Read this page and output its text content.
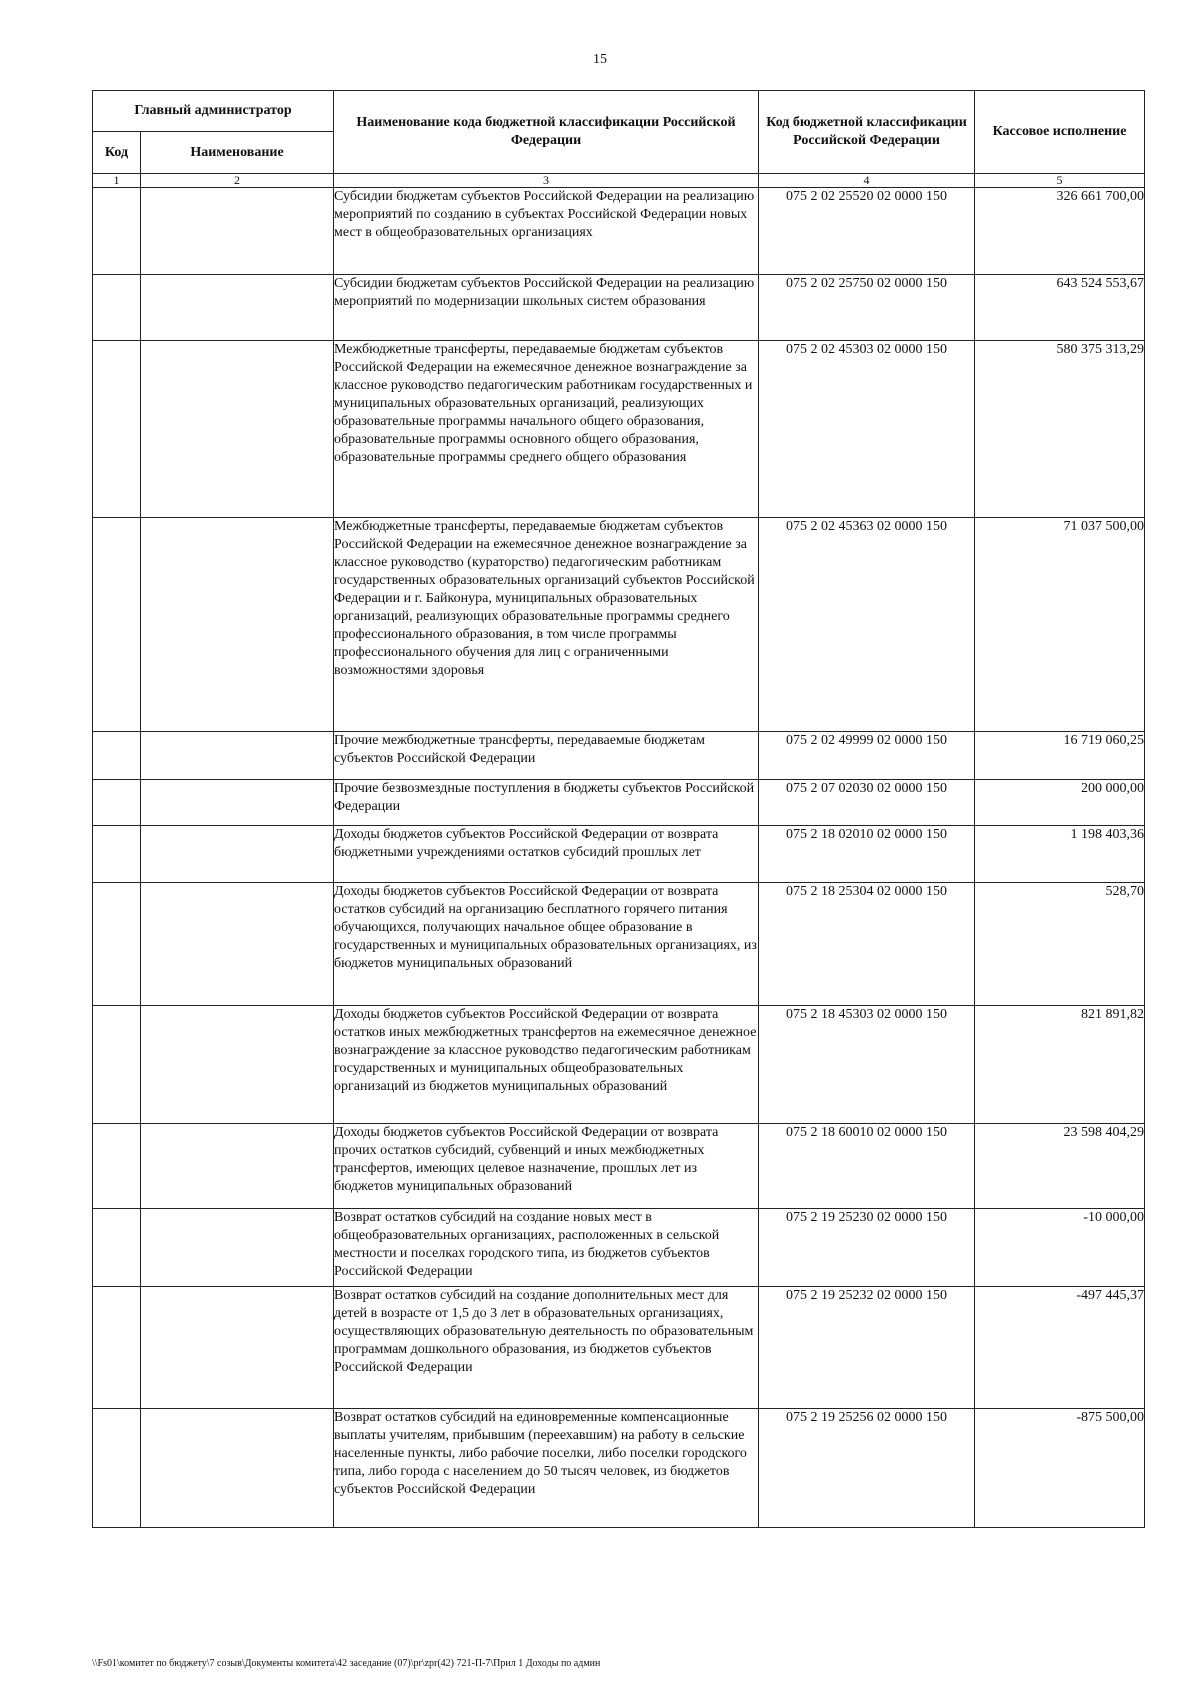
15
Главный администратор		Наименование кода бюджетной классификации Российской Федерации	Код бюджетной классификации Российской Федерации	Кассовое исполнение
Код	Наименование			
1	2	3	4	5
		Субсидии бюджетам субъектов Российской Федерации на реализацию мероприятий по созданию в субъектах Российской Федерации новых мест в общеобразовательных организациях	075 2 02 25520 02 0000 150	326 661 700,00
		Субсидии бюджетам субъектов Российской Федерации на реализацию мероприятий по модернизации школьных систем образования	075 2 02 25750 02 0000 150	643 524 553,67
		Межбюджетные трансферты, передаваемые бюджетам субъектов Российской Федерации на ежемесячное денежное вознаграждение за классное руководство педагогическим работникам государственных и муниципальных образовательных организаций, реализующих образовательные программы начального общего образования, образовательные программы основного общего образования, образовательные программы среднего общего образования	075 2 02 45303 02 0000 150	580 375 313,29
		Межбюджетные трансферты, передаваемые бюджетам субъектов Российской Федерации на ежемесячное денежное вознаграждение за классное руководство (кураторство) педагогическим работникам государственных образовательных организаций субъектов Российской Федерации и г. Байконура, муниципальных образовательных организаций, реализующих образовательные программы среднего профессионального образования, в том числе программы профессионального обучения для лиц с ограниченными возможностями здоровья	075 2 02 45363 02 0000 150	71 037 500,00
		Прочие межбюджетные трансферты, передаваемые бюджетам субъектов Российской Федерации	075 2 02 49999 02 0000 150	16 719 060,25
		Прочие безвозмездные поступления в бюджеты субъектов Российской Федерации	075 2 07 02030 02 0000 150	200 000,00
		Доходы бюджетов субъектов Российской Федерации от возврата бюджетными учреждениями остатков субсидий прошлых лет	075 2 18 02010 02 0000 150	1 198 403,36
		Доходы бюджетов субъектов Российской Федерации от возврата остатков субсидий на организацию бесплатного горячего питания обучающихся, получающих начальное общее образование в государственных и муниципальных образовательных организациях, из бюджетов муниципальных образований	075 2 18 25304 02 0000 150	528,70
		Доходы бюджетов субъектов Российской Федерации от возврата остатков иных межбюджетных трансфертов на ежемесячное денежное вознаграждение за классное руководство педагогическим работникам государственных и муниципальных общеобразовательных организаций из бюджетов муниципальных образований	075 2 18 45303 02 0000 150	821 891,82
		Доходы бюджетов субъектов Российской Федерации от возврата прочих остатков субсидий, субвенций и иных межбюджетных трансфертов, имеющих целевое назначение, прошлых лет из бюджетов муниципальных образований	075 2 18 60010 02 0000 150	23 598 404,29
		Возврат остатков субсидий на создание новых мест в общеобразовательных организациях, расположенных в сельской местности и поселках городского типа, из бюджетов субъектов Российской Федерации	075 2 19 25230 02 0000 150	-10 000,00
		Возврат остатков субсидий на создание дополнительных мест для детей в возрасте от 1,5 до 3 лет в образовательных организациях, осуществляющих образовательную деятельность по образовательным программам дошкольного образования, из бюджетов субъектов Российской Федерации	075 2 19 25232 02 0000 150	-497 445,37
		Возврат остатков субсидий на единовременные компенсационные выплаты учителям, прибывшим (переехавшим) на работу в сельские населенные пункты, либо рабочие поселки, либо поселки городского типа, либо города с населением до 50 тысяч человек, из бюджетов субъектов Российской Федерации	075 2 19 25256 02 0000 150	-875 500,00
\\Fs01\комитет по бюджету\7 созыв\Документы комитета\42 заседание (07)\pr\zpr(42) 721-П-7\Прил 1 Доходы по админ
